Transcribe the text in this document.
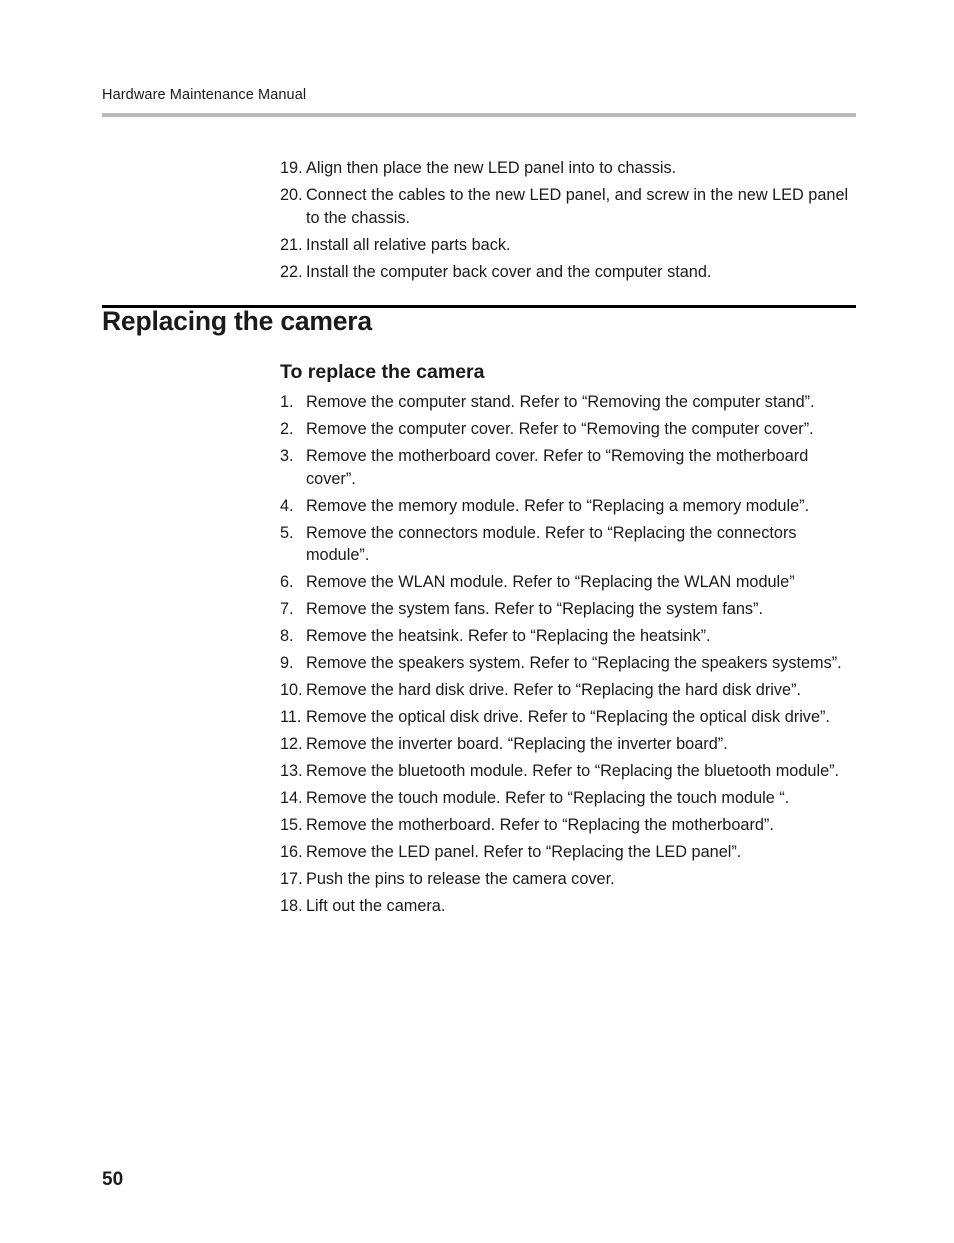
Hardware Maintenance Manual
19. Align then place the new LED panel into to chassis.
20. Connect the cables to the new LED panel, and screw in the new LED panel to the chassis.
21. Install all relative parts back.
22. Install the computer back cover and the computer stand.
Replacing the camera
To replace the camera
1. Remove the computer stand. Refer to “Removing the computer stand”.
2. Remove the computer cover. Refer to “Removing the computer cover”.
3. Remove the motherboard cover. Refer to “Removing the motherboard cover”.
4. Remove the memory module. Refer to “Replacing a memory module”.
5. Remove the connectors module. Refer to “Replacing the connectors module”.
6. Remove the WLAN module. Refer to “Replacing the WLAN module”
7. Remove the system fans. Refer to “Replacing the system fans”.
8. Remove the heatsink. Refer to “Replacing the heatsink”.
9. Remove the speakers system. Refer to “Replacing the speakers systems”.
10. Remove the hard disk drive. Refer to “Replacing the hard disk drive”.
11. Remove the optical disk drive. Refer to “Replacing the optical disk drive”.
12. Remove the inverter board. “Replacing the inverter board”.
13. Remove the bluetooth module. Refer to “Replacing the bluetooth module”.
14. Remove the touch module. Refer to “Replacing the touch module “.
15. Remove the motherboard. Refer to “Replacing the motherboard”.
16. Remove the LED panel. Refer to “Replacing the LED panel”.
17. Push the pins to release the camera cover.
18. Lift out the camera.
50
